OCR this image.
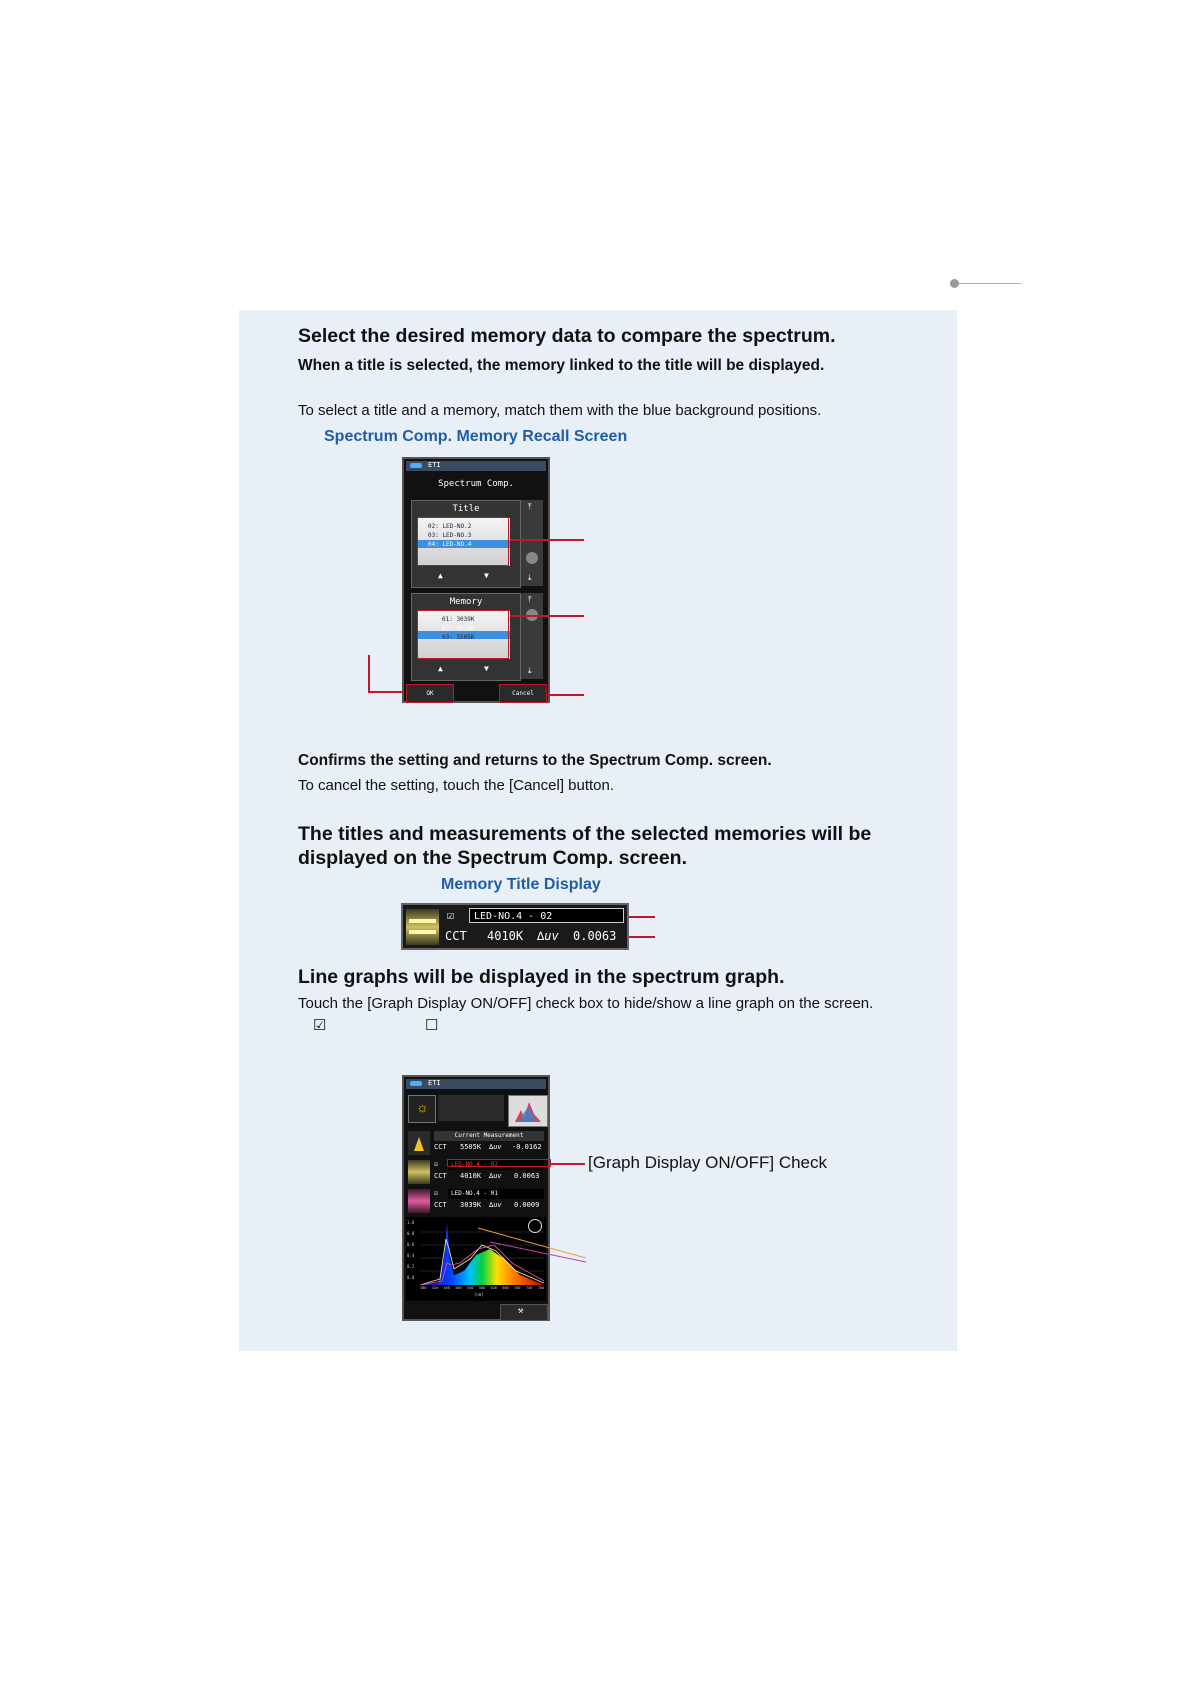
Select the desired memory data to compare the spectrum.
When a title is selected, the memory linked to the title will be displayed.
To select a title and a memory, match them with the blue background positions.
Spectrum Comp. Memory Recall Screen
ETI
Spectrum Comp.
Title
02: LED-NO.2
03: LED-NO.3
04: LED-NO.4
▲	▼
⤒
⤓
Memory
01: 3039K
02: 4010K
03: 5505K
▲	▼
⤒
⤓
OK	Cancel
Confirms the setting and returns to the Spectrum Comp. screen.
To cancel the setting, touch the [Cancel] button.
The titles and measurements of the selected memories will be
displayed on the Spectrum Comp. screen.
Memory Title Display
☑	LED-NO.4 - 02
CCT 4010K ∆uv 0.0063
Line graphs will be displayed in the spectrum graph.
Touch the [Graph Display ON/OFF] check box to hide/show a line graph on the screen.
☑	☐
ETI
☼
Current Measurement
CCT 5505K ∆uv -0.0162
☑	LED-NO.4 - 02
CCT 4010K ∆uv 0.0063
☑	LED-NO.4 - 01
CCT 3039K ∆uv 0.0009
1.0
0.8
0.6
0.4
0.2
0.0
380 420 460 500 540 580 620 660 700 740 780
[nm]
⚒
[Graph Display ON/OFF] Check
